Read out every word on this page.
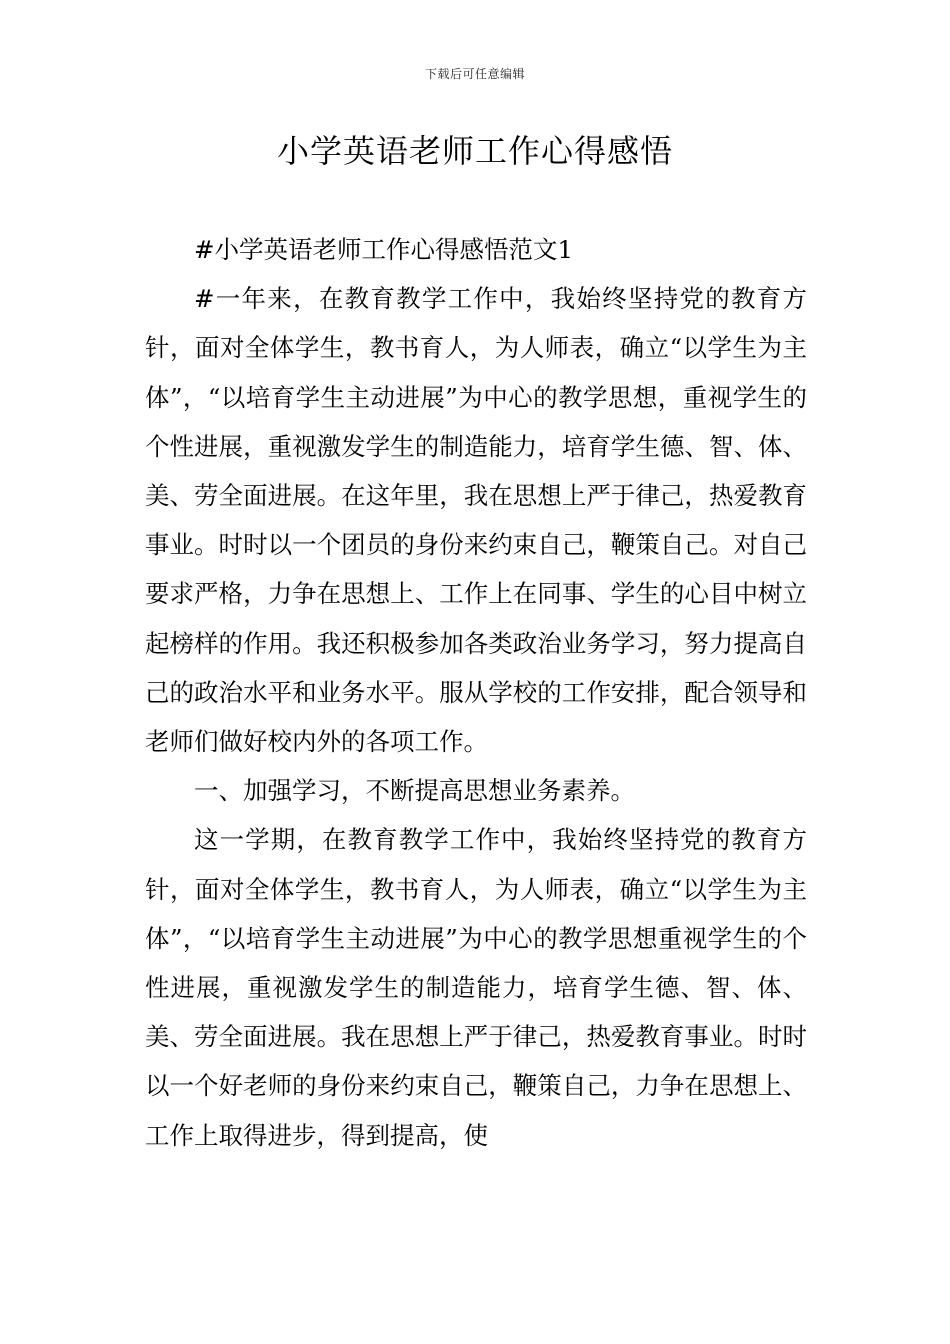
下载后可任意编辑
小学英语老师工作心得感悟

#小学英语老师工作心得感悟范文1

#一年来，在教育教学工作中，我始终坚持党的教育方针，面对全体学生，教书育人，为人师表，确立“以学生为主体”，“以培育学生主动进展”为中心的教学思想，重视学生的个性进展，重视激发学生的制造能力，培育学生德、智、体、美、劳全面进展。在这年里，我在思想上严于律己，热爱教育事业。时时以一个团员的身份来约束自己，鞭策自己。对自己要求严格，力争在思想上、工作上在同事、学生的心目中树立起榜样的作用。我还积极参加各类政治业务学习，努力提高自己的政治水平和业务水平。服从学校的工作安排，配合领导和老师们做好校内外的各项工作。

一、加强学习，不断提高思想业务素养。

这一学期，在教育教学工作中，我始终坚持党的教育方针，面对全体学生，教书育人，为人师表，确立“以学生为主体”，“以培育学生主动进展”为中心的教学思想重视学生的个性进展，重视激发学生的制造能力，培育学生德、智、体、美、劳全面进展。我在思想上严于律己，热爱教育事业。时时以一个好老师的身份来约束自己，鞭策自己，力争在思想上、工作上取得进步，得到提高，使
